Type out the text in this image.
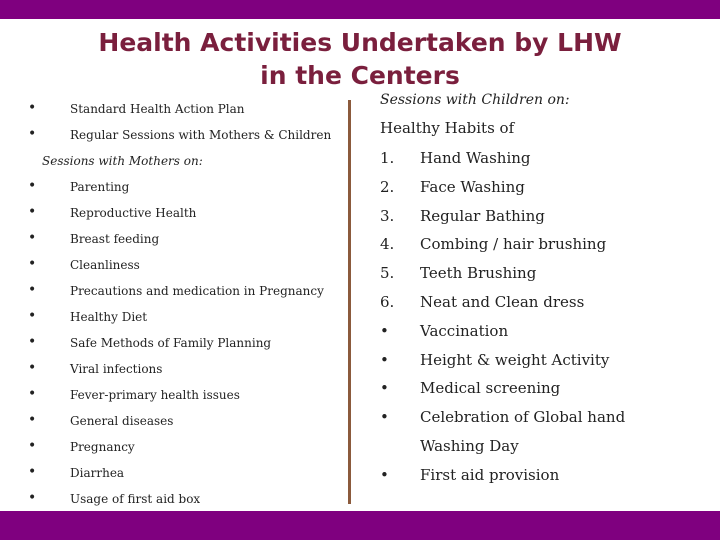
Health Activities Undertaken by LHW
in the Centers
•	Standard Health Action Plan
•	Regular Sessions with Mothers & Children
Sessions with Mothers on:
•	Parenting
•	Reproductive Health
•	Breast feeding
•	Cleanliness
•	Precautions and medication in Pregnancy
•	Healthy Diet
•	Safe Methods of Family Planning
•	Viral infections
•	Fever-primary health issues
•	General diseases
•	Pregnancy
•	Diarrhea
•	Usage of first aid box
Sessions with Children on:
Healthy Habits of
1. Hand Washing
2. Face Washing
3. Regular Bathing
4. Combing / hair brushing
5. Teeth Brushing
6. Neat and Clean dress
• Vaccination
• Height & weight Activity
• Medical screening
• Celebration of Global hand
Washing Day
• First aid provision
